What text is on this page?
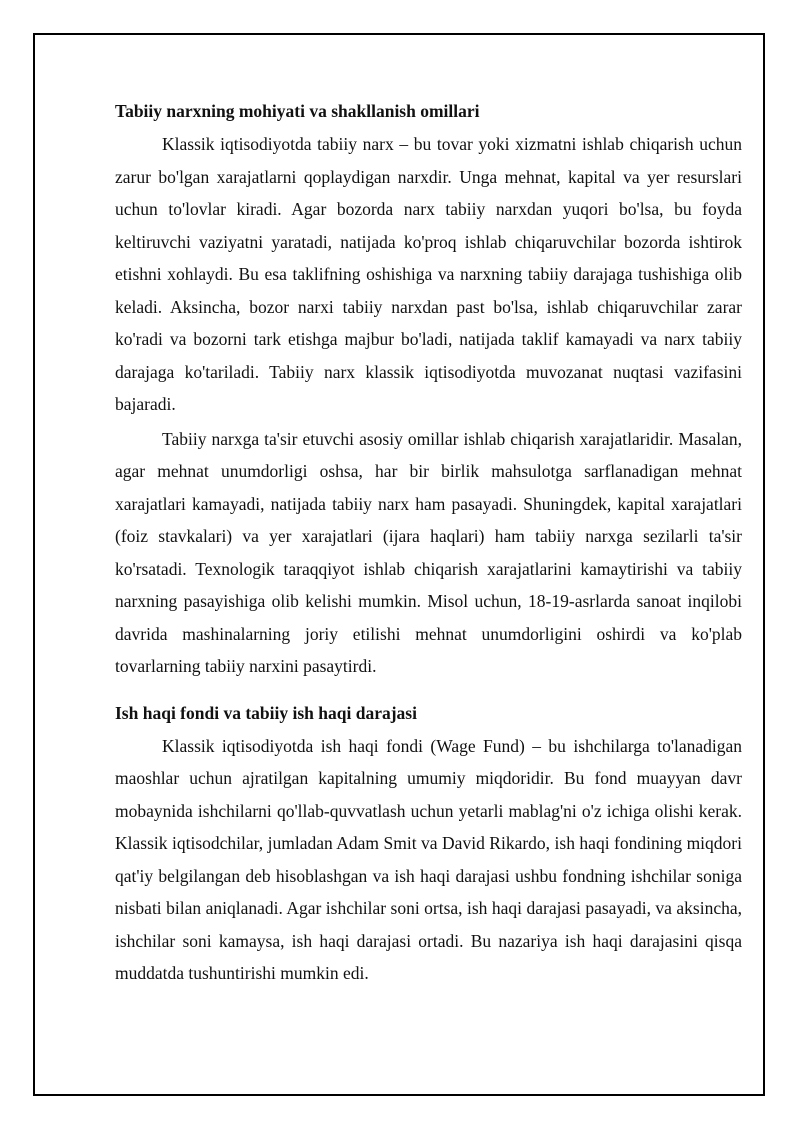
Tabiiy narxning mohiyati va shakllanish omillari

Klassik iqtisodiyotda tabiiy narx – bu tovar yoki xizmatni ishlab chiqarish uchun zarur bo'lgan xarajatlarni qoplaydigan narxdir. Unga mehnat, kapital va yer resurslari uchun to'lovlar kiradi. Agar bozorda narx tabiiy narxdan yuqori bo'lsa, bu foyda keltiruvchi vaziyatni yaratadi, natijada ko'proq ishlab chiqaruvchilar bozorda ishtirok etishni xohlaydi. Bu esa taklifning oshishiga va narxning tabiiy darajaga tushishiga olib keladi. Aksincha, bozor narxi tabiiy narxdan past bo'lsa, ishlab chiqaruvchilar zarar ko'radi va bozorni tark etishga majbur bo'ladi, natijada taklif kamayadi va narx tabiiy darajaga ko'tariladi. Tabiiy narx klassik iqtisodiyotda muvozanat nuqtasi vazifasini bajaradi.

Tabiiy narxga ta'sir etuvchi asosiy omillar ishlab chiqarish xarajatlaridir. Masalan, agar mehnat unumdorligi oshsa, har bir birlik mahsulotga sarflanadigan mehnat xarajatlari kamayadi, natijada tabiiy narx ham pasayadi. Shuningdek, kapital xarajatlari (foiz stavkalari) va yer xarajatlari (ijara haqlari) ham tabiiy narxga sezilarli ta'sir ko'rsatadi. Texnologik taraqqiyot ishlab chiqarish xarajatlarini kamaytirishi va tabiiy narxning pasayishiga olib kelishi mumkin. Misol uchun, 18-19-asrlarda sanoat inqilobi davrida mashinalarning joriy etilishi mehnat unumdorligini oshirdi va ko'plab tovarlarning tabiiy narxini pasaytirdi.

Ish haqi fondi va tabiiy ish haqi darajasi

Klassik iqtisodiyotda ish haqi fondi (Wage Fund) – bu ishchilarga to'lanadigan maoshlar uchun ajratilgan kapitalning umumiy miqdoridir. Bu fond muayyan davr mobaynida ishchilarni qo'llab-quvvatlash uchun yetarli mablag'ni o'z ichiga olishi kerak. Klassik iqtisodchilar, jumladan Adam Smit va David Rikardo, ish haqi fondining miqdori qat'iy belgilangan deb hisoblashgan va ish haqi darajasi ushbu fondning ishchilar soniga nisbati bilan aniqlanadi. Agar ishchilar soni ortsa, ish haqi darajasi pasayadi, va aksincha, ishchilar soni kamaysa, ish haqi darajasi ortadi. Bu nazariya ish haqi darajasini qisqa muddatda tushuntirishi mumkin edi.
